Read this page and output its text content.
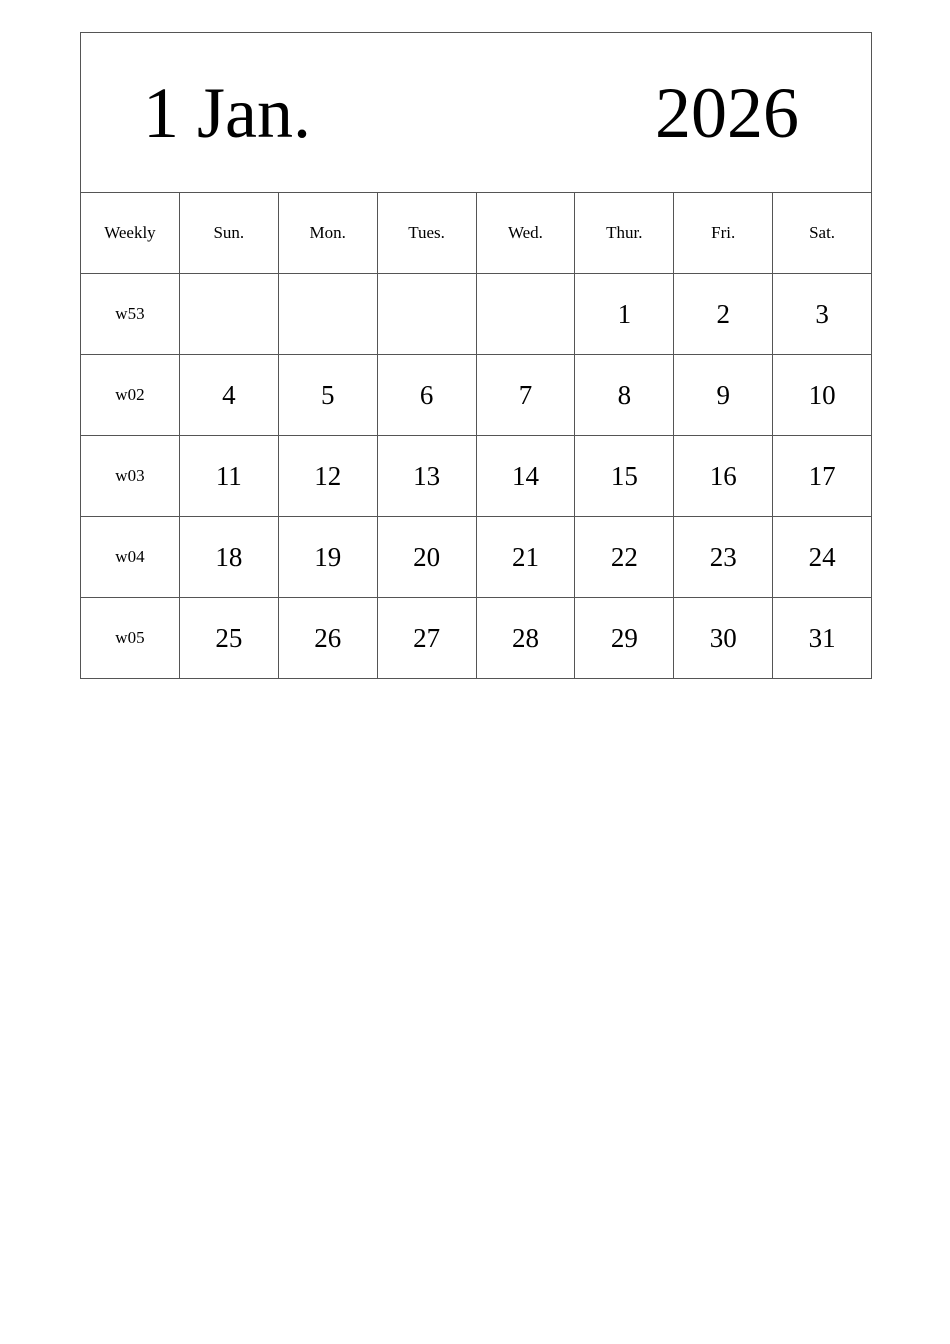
1 Jan. 2026							

Weekly	Sun.	Mon.	Tues.	Wed.	Thur.	Fri.	Sat.
w53					1	2	3
w02	4	5	6	7	8	9	10
w03	11	12	13	14	15	16	17
w04	18	19	20	21	22	23	24
w05	25	26	27	28	29	30	31
